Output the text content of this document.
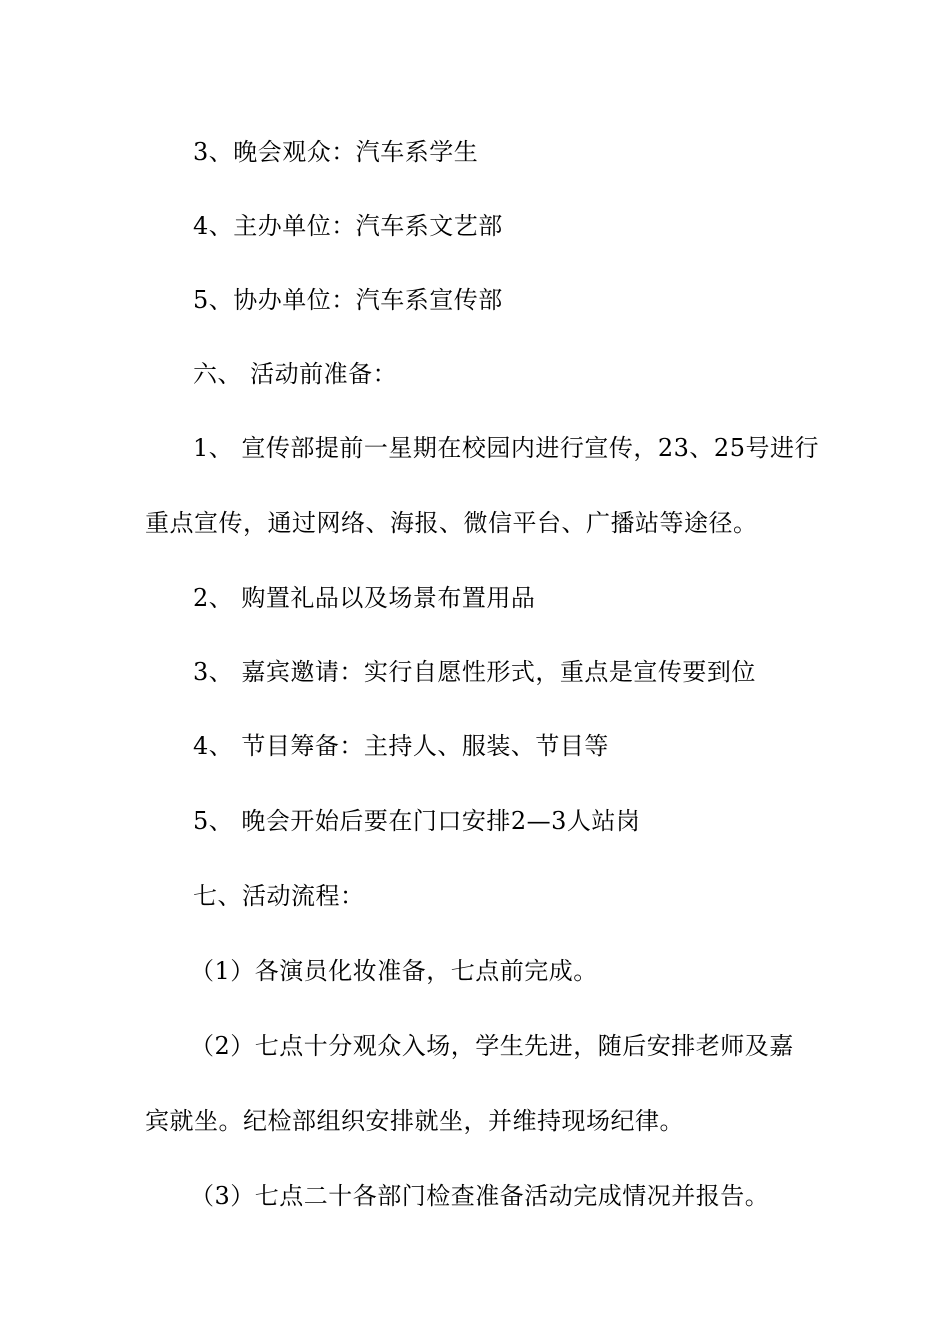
3、晚会观众：汽车系学生
4、主办单位：汽车系文艺部
5、协办单位：汽车系宣传部
六、 活动前准备：
1、 宣传部提前一星期在校园内进行宣传，23、25号进行
重点宣传，通过网络、海报、微信平台、广播站等途径。
2、 购置礼品以及场景布置用品
3、 嘉宾邀请：实行自愿性形式，重点是宣传要到位
4、 节目筹备：主持人、服装、节目等
5、 晚会开始后要在门口安排2—3人站岗
七、活动流程：
（1）各演员化妆准备，七点前完成。
（2）七点十分观众入场，学生先进，随后安排老师及嘉
宾就坐。纪检部组织安排就坐，并维持现场纪律。
（3）七点二十各部门检查准备活动完成情况并报告。
